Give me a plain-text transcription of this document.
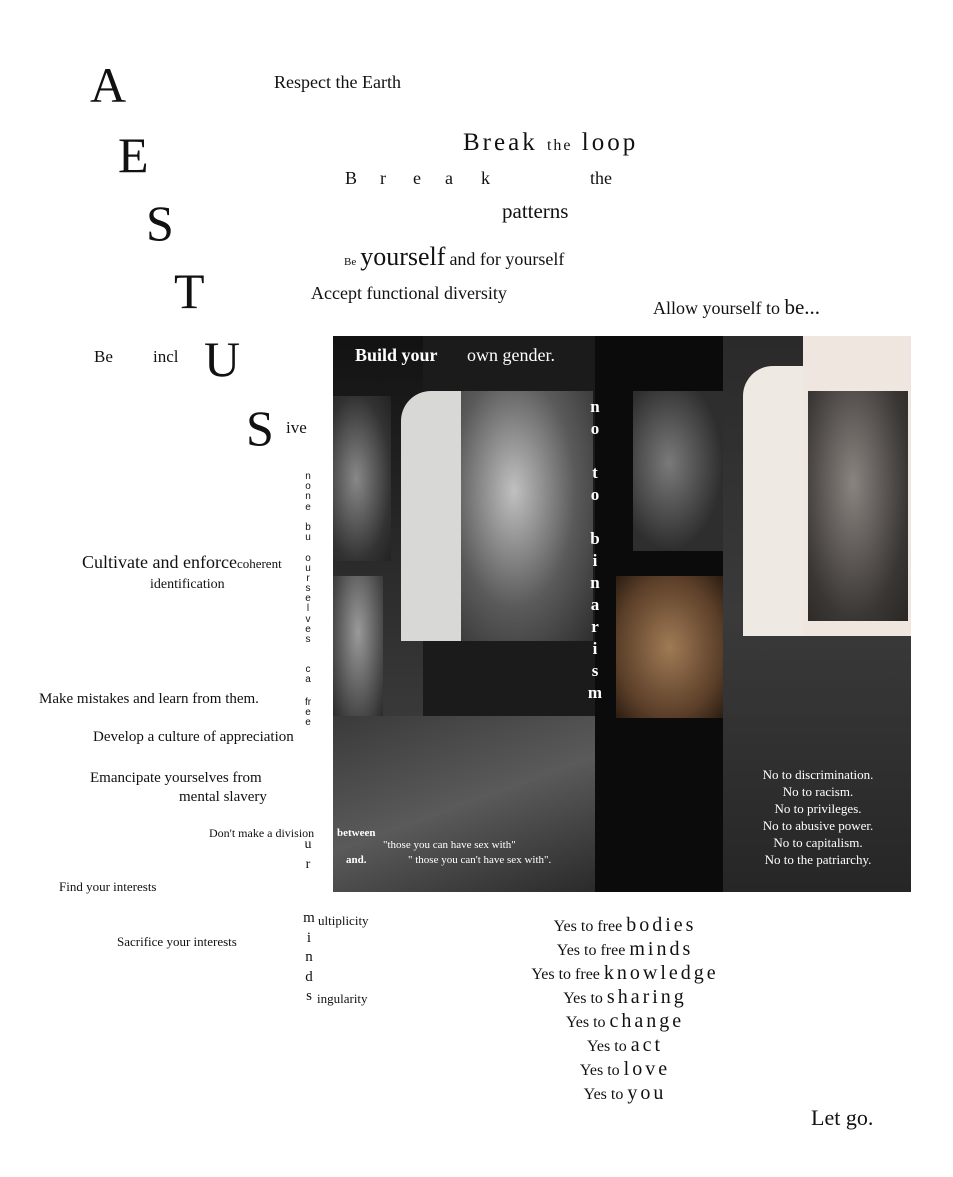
A
E
S
T
U
S
Be incl
ive
Respect the Earth
Break the loop
B r e a k	the
patterns
Be yourself and for yourself
Accept functional diversity
Allow yourself to be...
n
o
n
e
b
u
o
u
r
s
e
l
v
e
s
c
a
fr
e
e
u
r
Cultivate and enforcecoherent
identification
Make mistakes and learn from them.
Develop a culture of appreciation
Emancipate yourselves from
mental slavery
Don't make a division
Find your interests
Sacrifice your interests
m
i
n
d
s
ultiplicity
ingularity
Build your own gender.
n
o
t
o
b
i
n
a
r
i
s
m
between
and.
"those you can have sex with"
" those you can't have sex with".
No to discrimination.
No to racism.
No to privileges.
No to abusive power.
No to capitalism.
No to the patriarchy.
Yes to free bodies
Yes to free minds
Yes to free knowledge
Yes to sharing
Yes to change
Yes to act
Yes to love
Yes to you
Let go.
